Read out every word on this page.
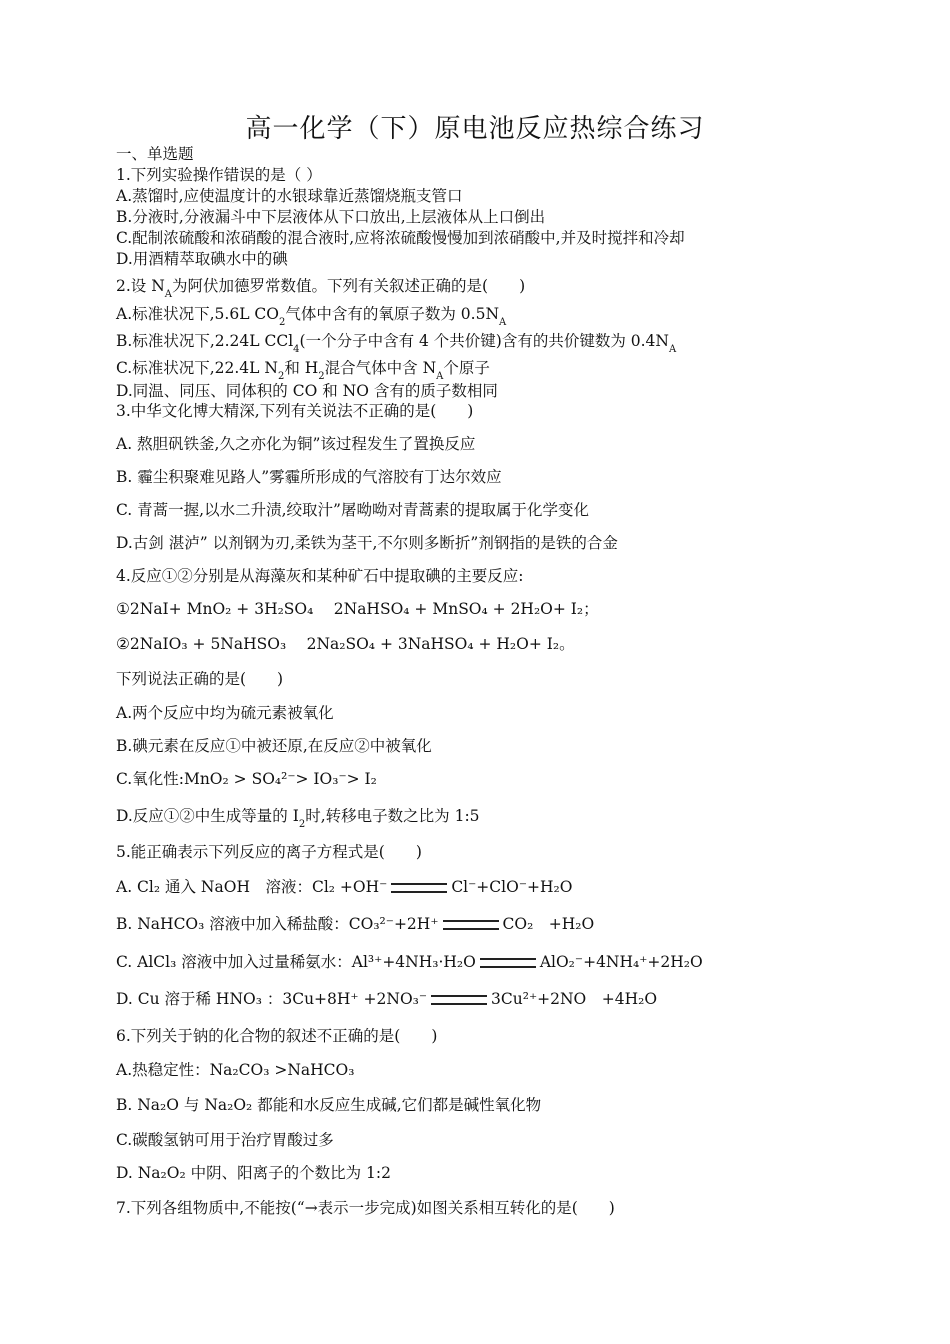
高一化学（下）原电池反应热综合练习
一、单选题
1.下列实验操作错误的是（ ）
A.蒸馏时,应使温度计的水银球靠近蒸馏烧瓶支管口
B.分液时,分液漏斗中下层液体从下口放出,上层液体从上口倒出
C.配制浓硫酸和浓硝酸的混合液时,应将浓硫酸慢慢加到浓硝酸中,并及时搅拌和冷却
D.用酒精萃取碘水中的碘
2.设 $N_A$为阿伏加德罗常数值。下列有关叙述正确的是(　　)
A.标准状况下,5.6L $CO_2$气体中含有的氧原子数为 $0.5N_A$
B.标准状况下,2.24L CCl$_4$(一个分子中含有 4 个共价键)含有的共价键数为 $0.4N_A$
C.标准状况下,22.4L $N_2$和 $H_2$混合气体中含 $N_A$个原子
D.同温、同压、同体积的 CO 和 NO 含有的质子数相同
3.中华文化博大精深,下列有关说法不正确的是(　　)
A. 熬胆矾铁釜,久之亦化为铜”该过程发生了置换反应
B. 霾尘积聚难见路人”雾霾所形成的气溶胶有丁达尔效应
C. 青蒿一握,以水二升渍,绞取汁”屠呦呦对青蒿素的提取属于化学变化
D.古剑 湛泸” 以剂钢为刃,柔铁为茎干,不尔则多断折”剂钢指的是铁的合金
4.反应①②分别是从海藻灰和某种矿石中提取碘的主要反应:
①2NaI+ MnO₂ + 3H₂SO₄　 2NaHSO₄ + MnSO₄ + 2H₂O+ I₂；
②2NaIO₃ + 5NaHSO₃　 2Na₂SO₄ + 3NaHSO₄ + H₂O+ I₂。
下列说法正确的是(　　)
A.两个反应中均为硫元素被氧化
B.碘元素在反应①中被还原,在反应②中被氧化
C.氧化性:MnO₂ > SO₄²⁻> IO₃⁻> I₂
D.反应①②中生成等量的 $I_2$时,转移电子数之比为 1:5
5.能正确表示下列反应的离子方程式是(　　)
A. Cl₂ 通入 NaOH　溶液：Cl₂ +OH⁻	Cl⁻+ClO⁻+H₂O
B. NaHCO₃ 溶液中加入稀盐酸：CO₃²⁻+2H⁺	CO₂　+H₂O
C. AlCl₃ 溶液中加入过量稀氨水：Al³⁺+4NH₃·H₂O	AlO₂⁻+4NH₄⁺+2H₂O
D. Cu 溶于稀 HNO₃ ：3Cu+8H⁺ +2NO₃⁻	3Cu²⁺+2NO　+4H₂O
6.下列关于钠的化合物的叙述不正确的是(　　)
A.热稳定性：Na₂CO₃ >NaHCO₃
B. Na₂O 与 Na₂O₂ 都能和水反应生成碱,它们都是碱性氧化物
C.碳酸氢钠可用于治疗胃酸过多
D. Na₂O₂ 中阴、阳离子的个数比为 1:2
7.下列各组物质中,不能按(“→表示一步完成)如图关系相互转化的是(　　)
